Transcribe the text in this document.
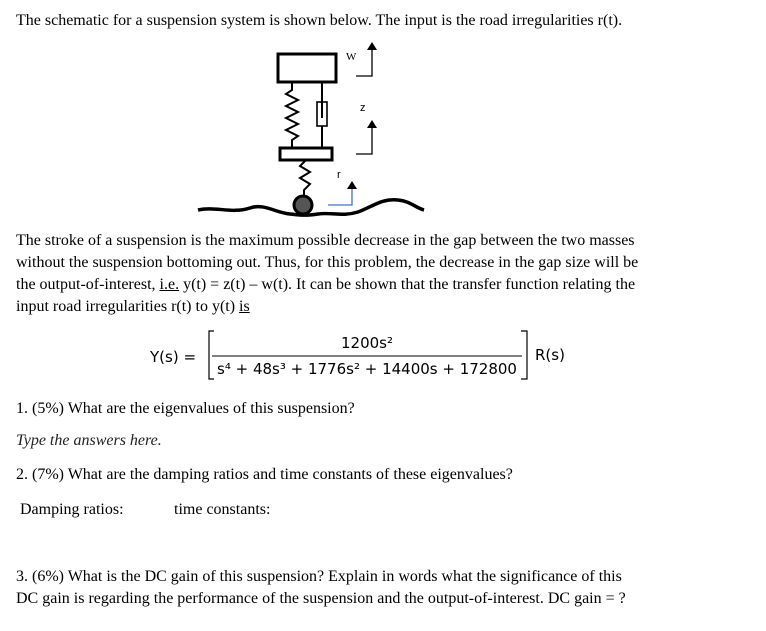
The schematic for a suspension system is shown below. The input is the road irregularities r(t).
W
z
r
The stroke of a suspension is the maximum possible decrease in the gap between the two masses
without the suspension bottoming out. Thus, for this problem, the decrease in the gap size will be
the output-of-interest, i.e. y(t) = z(t) – w(t). It can be shown that the transfer function relating the
input road irregularities r(t) to y(t) is
Y(s) =
1200s²
s⁴ + 48s³ + 1776s² + 14400s + 172800
R(s)
1. (5%) What are the eigenvalues of this suspension?
Type the answers here.
2. (7%) What are the damping ratios and time constants of these eigenvalues?
Damping ratios:	time constants:
3. (6%) What is the DC gain of this suspension? Explain in words what the significance of this
DC gain is regarding the performance of the suspension and the output-of-interest. DC gain = ?
